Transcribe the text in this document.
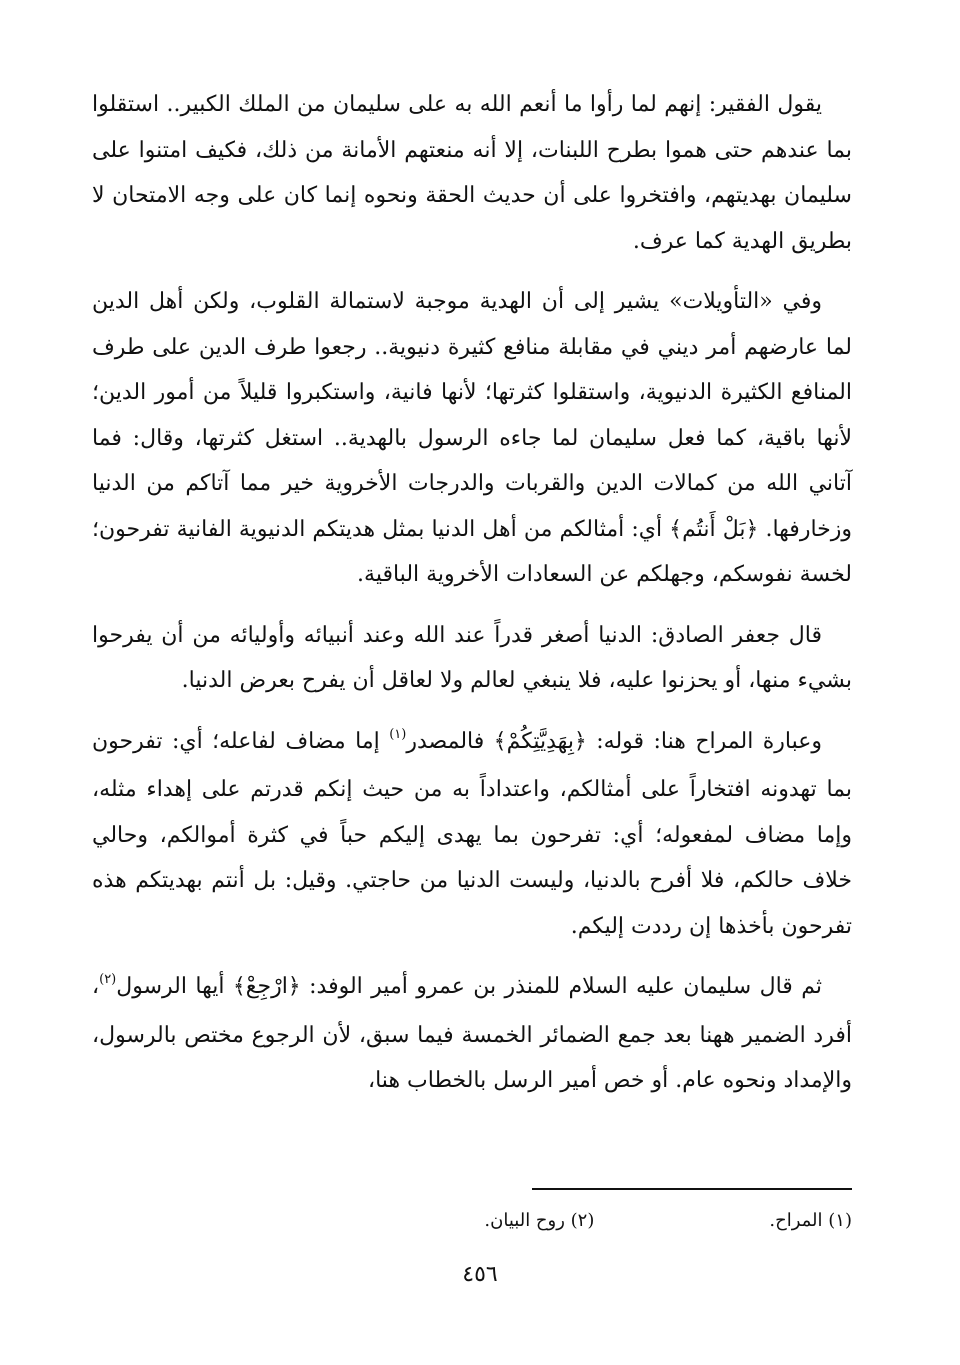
يقول الفقير: إنهم لما رأوا ما أنعم الله به على سليمان من الملك الكبير.. استقلوا بما عندهم حتى هموا بطرح اللبنات، إلا أنه منعتهم الأمانة من ذلك، فكيف امتنوا على سليمان بهديتهم، وافتخروا على أن حديث الحقة ونحوه إنما كان على وجه الامتحان لا بطريق الهدية كما عرف.

وفي «التأويلات» يشير إلى أن الهدية موجبة لاستمالة القلوب، ولكن أهل الدين لما عارضهم أمر ديني في مقابلة منافع كثيرة دنيوية.. رجعوا طرف الدين على طرف المنافع الكثيرة الدنيوية، واستقلوا كثرتها؛ لأنها فانية، واستكبروا قليلاً من أمور الدين؛ لأنها باقية، كما فعل سليمان لما جاءه الرسول بالهدية.. استغل كثرتها، وقال: فما آتاني الله من كمالات الدين والقربات والدرجات الأخروية خير مما آتاكم من الدنيا وزخارفها. ﴿بَلْ أَنتُم﴾ أي: أمثالكم من أهل الدنيا بمثل هديتكم الدنيوية الفانية تفرحون؛ لخسة نفوسكم، وجهلكم عن السعادات الأخروية الباقية.

قال جعفر الصادق: الدنيا أصغر قدراً عند الله وعند أنبيائه وأوليائه من أن يفرحوا بشيء منها، أو يحزنوا عليه، فلا ينبغي لعالم ولا لعاقل أن يفرح بعرض الدنيا.

وعبارة المراح هنا: قوله: ﴿بِهَدِيَّتِكُمْ﴾ فالمصدر$^{(١)}$ إما مضاف لفاعله؛ أي: تفرحون بما تهدونه افتخاراً على أمثالكم، واعتداداً به من حيث إنكم قدرتم على إهداء مثله، وإما مضاف لمفعوله؛ أي: تفرحون بما يهدى إليكم حباً في كثرة أموالكم، وحالي خلاف حالكم، فلا أفرح بالدنيا، وليست الدنيا من حاجتي. وقيل: بل أنتم بهديتكم هذه تفرحون بأخذها إن رددت إليكم.

ثم قال سليمان عليه السلام للمنذر بن عمرو أمير الوفد: ﴿ارْجِعْ﴾ أيها الرسول$^{(٢)}$، أفرد الضمير ههنا بعد جمع الضمائر الخمسة فيما سبق، لأن الرجوع مختص بالرسول، والإمداد ونحوه عام. أو خص أمير الرسل بالخطاب هنا،

(١) المراح.
(٢) روح البيان.
٤٥٦
